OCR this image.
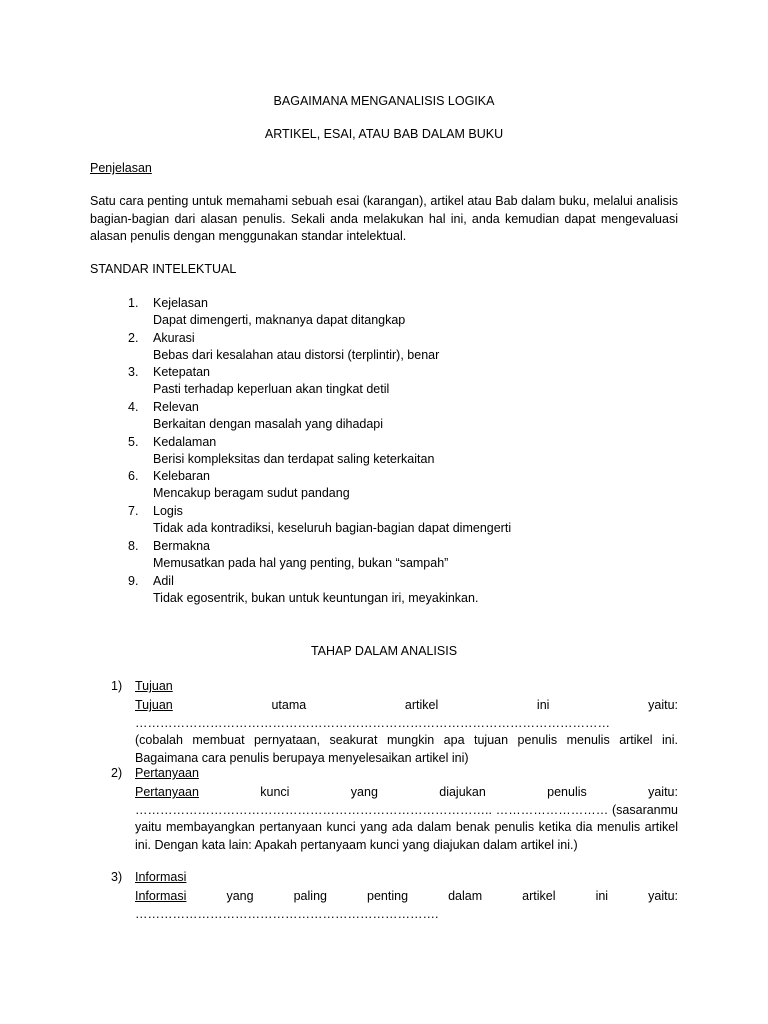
BAGAIMANA MENGANALISIS LOGIKA
ARTIKEL, ESAI, ATAU BAB DALAM BUKU
Penjelasan

Satu cara penting untuk memahami sebuah esai (karangan), artikel atau Bab dalam buku, melalui analisis bagian-bagian dari alasan penulis. Sekali anda melakukan hal ini, anda kemudian dapat mengevaluasi alasan penulis dengan menggunakan standar intelektual.

STANDAR INTELEKTUAL
1. Kejelasan
Dapat dimengerti, maknanya dapat ditangkap
2. Akurasi
Bebas dari kesalahan atau distorsi (terplintir), benar
3. Ketepatan
Pasti terhadap keperluan akan tingkat detil
4. Relevan
Berkaitan dengan masalah yang dihadapi
5. Kedalaman
Berisi kompleksitas dan terdapat saling keterkaitan
6. Kelebaran
Mencakup beragam sudut pandang
7. Logis
Tidak ada kontradiksi, keseluruh bagian-bagian dapat dimengerti
8. Bermakna
Memusatkan pada hal yang penting, bukan “sampah”
9. Adil
Tidak egosentrik, bukan untuk keuntungan iri, meyakinkan.
TAHAP DALAM ANALISIS
1) Tujuan

Tujuan utama artikel ini yaitu: ……………………………………………………………………………………………………
(cobalah membuat pernyataan, seakurat mungkin apa tujuan penulis menulis artikel ini. Bagaimana cara penulis berupaya menyelesaikan artikel ini)

2) Pertanyaan

Pertanyaan kunci yang diajukan penulis yaitu: ………………………………………………………………………….. ……………………… (sasaranmu yaitu membayangkan pertanyaan kunci yang ada dalam benak penulis ketika dia menulis artikel ini. Dengan kata lain: Apakah pertanyaam kunci yang diajukan dalam artikel ini.)

3) Informasi

Informasi yang paling penting dalam artikel ini yaitu: ……………………………………………………………….
